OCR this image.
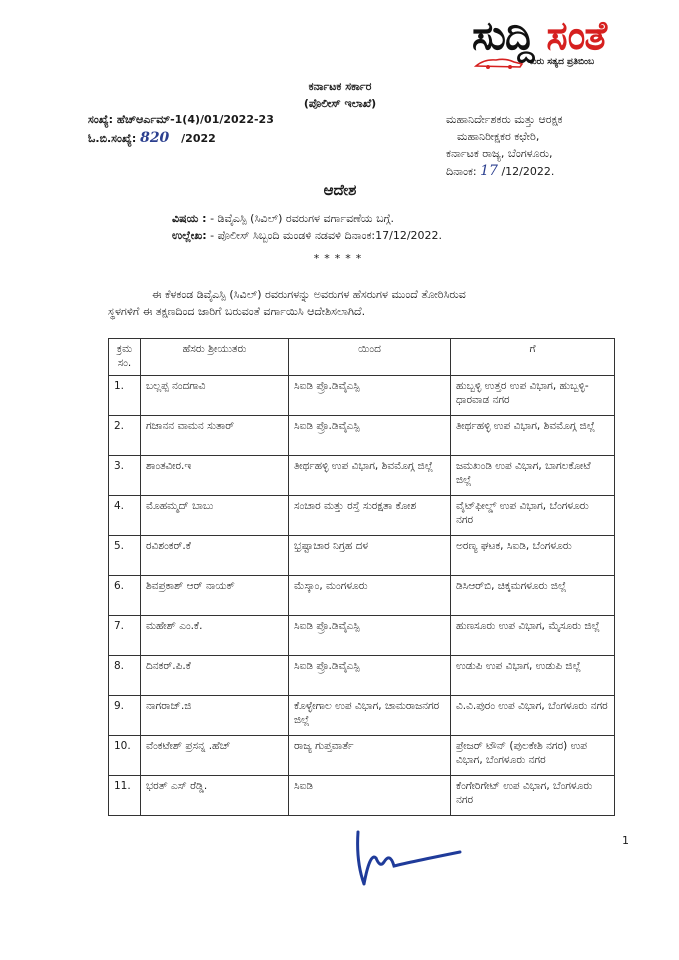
ಸುದ್ದಿ ಸಂತೆ
ಖರು ಸತ್ಯದ ಪ್ರತಿಬಿಂಬ
ಕರ್ನಾಟಕ ಸರ್ಕಾರ
(ಪೊಲೀಸ್ ಇಲಾಖೆ)
ಸಂಖ್ಯೆ: ಹೆಚ್ಆರ್ಎಮ್-1(4)/01/2022-23
ಓ.ಬಿ.ಸಂಖ್ಯೆ: 820 /2022
ಮಹಾನಿರ್ದೇಶಕರು ಮತ್ತು ಆರಕ್ಷಕ
ಮಹಾನಿರೀಕ್ಷಕರ ಕಛೇರಿ,
ಕರ್ನಾಟಕ ರಾಜ್ಯ, ಬೆಂಗಳೂರು,
ದಿನಾಂಕ: 17 /12/2022.
ಆದೇಶ
ವಿಷಯ : - ಡಿವೈಎಸ್ಪಿ (ಸಿವಿಲ್) ರವರುಗಳ ವರ್ಗಾವಣೆಯ ಬಗ್ಗೆ.
ಉಲ್ಲೇಖ: - ಪೊಲೀಸ್ ಸಿಬ್ಬಂದಿ ಮಂಡಳಿ ನಡವಳಿ ದಿನಾಂಕ:17/12/2022.
*****
ಈ ಕೆಳಕಂಡ ಡಿವೈಎಸ್ಪಿ (ಸಿವಿಲ್) ರವರುಗಳನ್ನು ಅವರುಗಳ ಹೆಸರುಗಳ ಮುಂದೆ ತೋರಿಸಿರುವ
ಸ್ಥಳಗಳಿಗೆ ಈ ತಕ್ಷಣದಿಂದ ಜಾರಿಗೆ ಬರುವಂತೆ ವರ್ಗಾಯಿಸಿ ಆದೇಶಿಸಲಾಗಿದೆ.
ಕ್ರಮ ಸಂ.	ಹೆಸರು ಶ್ರೀಯುತರು	ಯಿಂದ	ಗೆ
1.	ಬಲ್ಲಪ್ಪ ನಂದಗಾವಿ	ಸಿಐಡಿ ಪ್ರೊ.ಡಿವೈಎಸ್ಪಿ	ಹುಬ್ಬಳ್ಳಿ ಉತ್ತರ ಉಪ ವಿಭಾಗ, ಹುಬ್ಬಳ್ಳಿ- ಧಾರವಾಡ ನಗರ
2.	ಗಜಾನನ ವಾಮನ ಸುತಾರ್	ಸಿಐಡಿ ಪ್ರೊ.ಡಿವೈಎಸ್ಪಿ	ತೀರ್ಥಹಳ್ಳಿ ಉಪ ವಿಭಾಗ, ಶಿವಮೊಗ್ಗ ಜಿಲ್ಲೆ
3.	ಶಾಂತವೀರ.ಇ	ತೀರ್ಥಹಳ್ಳಿ ಉಪ ವಿಭಾಗ, ಶಿವಮೊಗ್ಗ ಜಿಲ್ಲೆ	ಜಮಖಂಡಿ ಉಪ ವಿಭಾಗ, ಬಾಗಲಕೋಟೆ ಜಿಲ್ಲೆ
4.	ಮೊಹಮ್ಮದ್ ಬಾಬು	ಸಂಚಾರ ಮತ್ತು ರಸ್ತೆ ಸುರಕ್ಷತಾ ಕೋಶ	ವೈಟ್‌ಫೀಲ್ಡ್ ಉಪ ವಿಭಾಗ, ಬೆಂಗಳೂರು ನಗರ
5.	ರವಿಶಂಕರ್.ಕೆ	ಭ್ರಷ್ಟಾಚಾರ ನಿಗ್ರಹ ದಳ	ಅರಣ್ಯ ಘಟಕ, ಸಿಐಡಿ, ಬೆಂಗಳೂರು
6.	ಶಿವಪ್ರಕಾಶ್ ಆರ್ ನಾಯಕ್	ಮೆಸ್ಕಾಂ, ಮಂಗಳೂರು	ಡಿಸಿಆರ್‌ಬಿ, ಚಿಕ್ಕಮಗಳೂರು ಜಿಲ್ಲೆ
7.	ಮಹೇಶ್ ಎಂ.ಕೆ.	ಸಿಐಡಿ ಪ್ರೊ.ಡಿವೈಎಸ್ಪಿ	ಹುಣಸೂರು ಉಪ ವಿಭಾಗ, ಮೈಸೂರು ಜಿಲ್ಲೆ
8.	ದಿನಕರ್.ಪಿ.ಕೆ	ಸಿಐಡಿ ಪ್ರೊ.ಡಿವೈಎಸ್ಪಿ	ಉಡುಪಿ ಉಪ ವಿಭಾಗ, ಉಡುಪಿ ಜಿಲ್ಲೆ
9.	ನಾಗರಾಜ್.ಜಿ	ಕೊಳ್ಳೇಗಾಲ ಉಪ ವಿಭಾಗ, ಚಾಮರಾಜನಗರ ಜಿಲ್ಲೆ	ವಿ.ವಿ.ಪುರಂ ಉಪ ವಿಭಾಗ, ಬೆಂಗಳೂರು ನಗರ
10.	ವೆಂಕಟೇಶ್ ಪ್ರಸನ್ನ .ಹೆಚ್	ರಾಜ್ಯ ಗುಪ್ತವಾರ್ತೆ	ಪ್ರೇಜರ್ ಟೌನ್ (ಪುಲಕೇಶಿ ನಗರ) ಉಪ ವಿಭಾಗ, ಬೆಂಗಳೂರು ನಗರ
11.	ಭರತ್ ಎಸ್ ರೆಡ್ಡಿ.	ಸಿಐಡಿ	ಕೆಂಗೇರಿಗೇಟ್ ಉಪ ವಿಭಾಗ, ಬೆಂಗಳೂರು ನಗರ
1
